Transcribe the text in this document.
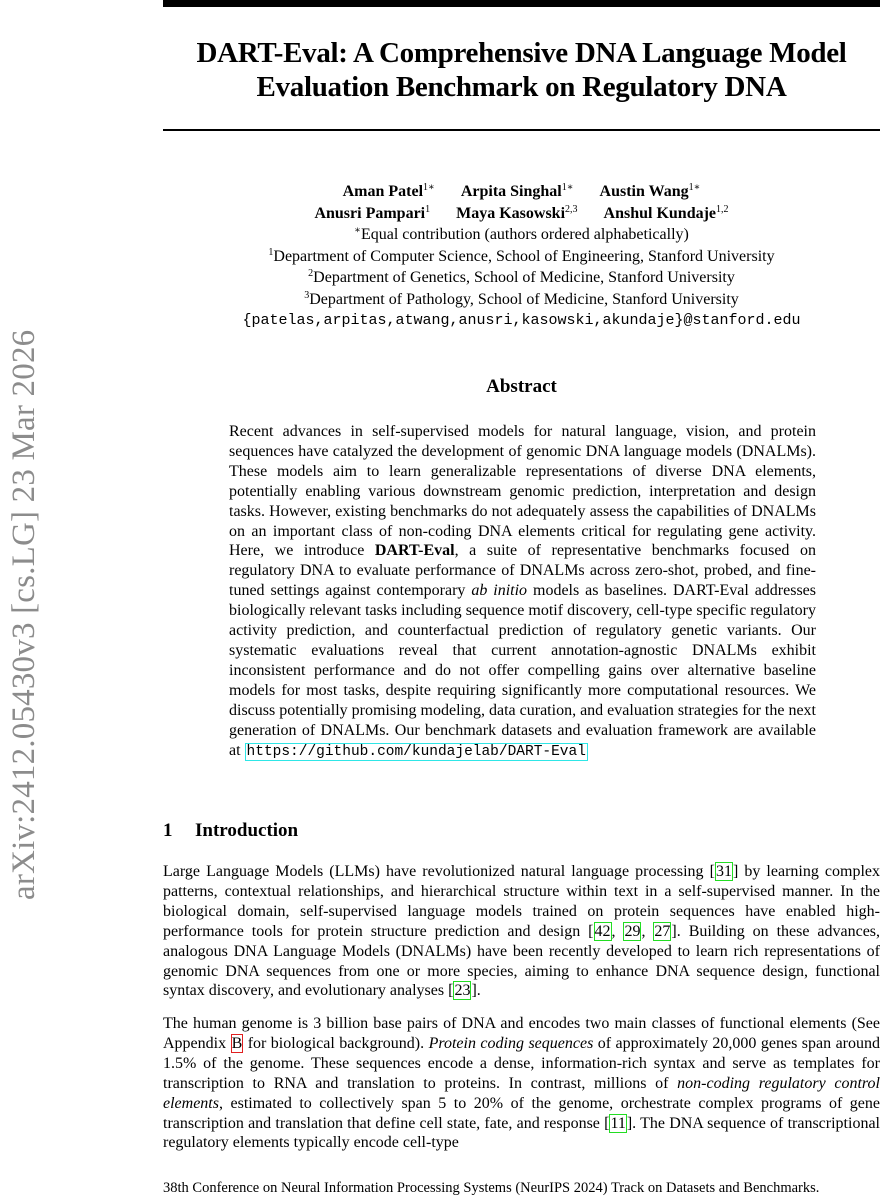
arXiv:2412.05430v3 [cs.LG] 23 Mar 2026
DART-Eval: A Comprehensive DNA Language Model
Evaluation Benchmark on Regulatory DNA
Aman Patel$^{1∗}$ Arpita Singhal$^{1∗}$ Austin Wang$^{1∗}$
Anusri Pampari$^1$ Maya Kasowski$^{2,3}$ Anshul Kundaje$^{1,2}$
∗Equal contribution (authors ordered alphabetically)
$^1$Department of Computer Science, School of Engineering, Stanford University
$^2$Department of Genetics, School of Medicine, Stanford University
$^3$Department of Pathology, School of Medicine, Stanford University
{patelas,arpitas,atwang,anusri,kasowski,akundaje}@stanford.edu
Abstract
Recent advances in self-supervised models for natural language, vision, and protein sequences have catalyzed the development of genomic DNA language models (DNALMs). These models aim to learn generalizable representations of diverse DNA elements, potentially enabling various downstream genomic prediction, interpretation and design tasks. However, existing benchmarks do not adequately assess the capabilities of DNALMs on an important class of non-coding DNA elements critical for regulating gene activity. Here, we introduce DART-Eval, a suite of representative benchmarks focused on regulatory DNA to evaluate performance of DNALMs across zero-shot, probed, and fine-tuned settings against contemporary ab initio models as baselines. DART-Eval addresses biologically relevant tasks including sequence motif discovery, cell-type specific regulatory activity prediction, and counterfactual prediction of regulatory genetic variants. Our systematic evaluations reveal that current annotation-agnostic DNALMs exhibit inconsistent performance and do not offer compelling gains over alternative baseline models for most tasks, despite requiring significantly more computational resources. We discuss potentially promising modeling, data curation, and evaluation strategies for the next generation of DNALMs. Our benchmark datasets and evaluation framework are available at https://github.com/kundajelab/DART-Eval
1 Introduction
Large Language Models (LLMs) have revolutionized natural language processing [31] by learning complex patterns, contextual relationships, and hierarchical structure within text in a self-supervised manner. In the biological domain, self-supervised language models trained on protein sequences have enabled high-performance tools for protein structure prediction and design [42, 29, 27]. Building on these advances, analogous DNA Language Models (DNALMs) have been recently developed to learn rich representations of genomic DNA sequences from one or more species, aiming to enhance DNA sequence design, functional syntax discovery, and evolutionary analyses [23].
The human genome is 3 billion base pairs of DNA and encodes two main classes of functional elements (See Appendix B for biological background). Protein coding sequences of approximately 20,000 genes span around 1.5% of the genome. These sequences encode a dense, information-rich syntax and serve as templates for transcription to RNA and translation to proteins. In contrast, millions of non-coding regulatory control elements, estimated to collectively span 5 to 20% of the genome, orchestrate complex programs of gene transcription and translation that define cell state, fate, and response [11]. The DNA sequence of transcriptional regulatory elements typically encode cell-type
38th Conference on Neural Information Processing Systems (NeurIPS 2024) Track on Datasets and Benchmarks.
